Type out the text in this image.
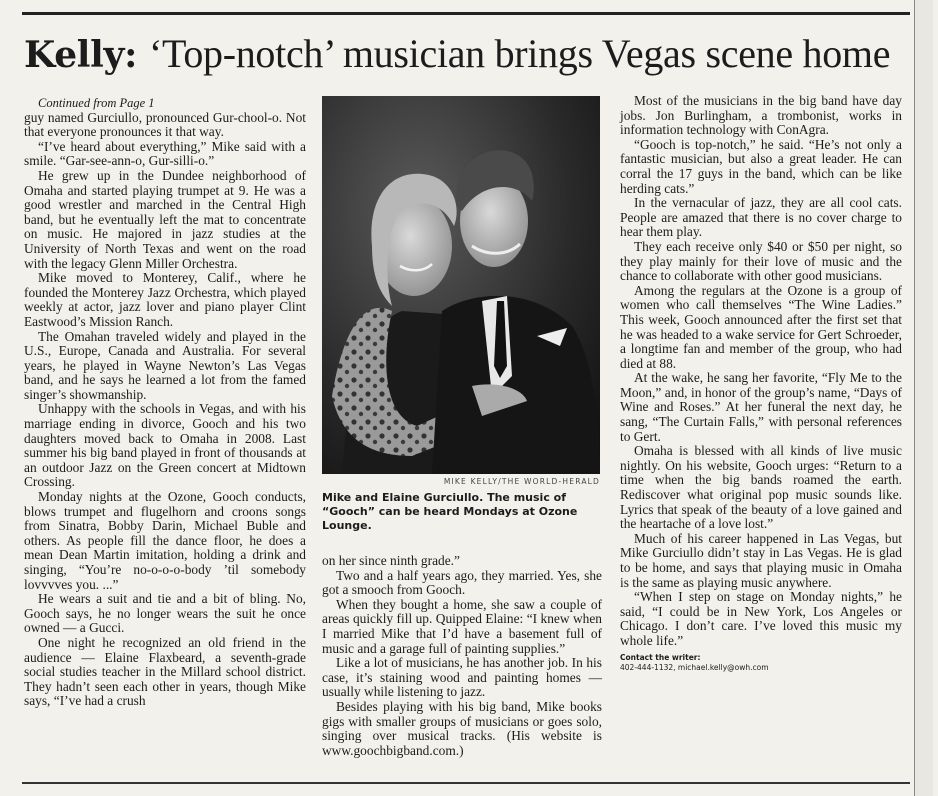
Kelly: ‘Top-notch’ musician brings Vegas scene home

Continued from Page 1

guy named Gurciullo, pronounced Gur-chool-o. Not that everyone pronounces it that way.

“I’ve heard about everything,” Mike said with a smile. “Gar-see-ann-o, Gur-silli-o.”

He grew up in the Dundee neighborhood of Omaha and started playing trumpet at 9. He was a good wrestler and marched in the Central High band, but he eventually left the mat to concentrate on music. He majored in jazz studies at the University of North Texas and went on the road with the legacy Glenn Miller Orchestra.

Mike moved to Monterey, Calif., where he founded the Monterey Jazz Orchestra, which played weekly at actor, jazz lover and piano player Clint Eastwood’s Mission Ranch.

The Omahan traveled widely and played in the U.S., Europe, Canada and Australia. For several years, he played in Wayne Newton’s Las Vegas band, and he says he learned a lot from the famed singer’s showmanship.

Unhappy with the schools in Vegas, and with his marriage ending in divorce, Gooch and his two daughters moved back to Omaha in 2008. Last summer his big band played in front of thousands at an outdoor Jazz on the Green concert at Midtown Crossing.

Monday nights at the Ozone, Gooch conducts, blows trumpet and flugelhorn and croons songs from Sinatra, Bobby Darin, Michael Buble and others. As people fill the dance floor, he does a mean Dean Martin imitation, holding a drink and singing, “You’re no-o-o-o-body ’til somebody lovvvves you. ...”

He wears a suit and tie and a bit of bling. No, Gooch says, he no longer wears the suit he once owned — a Gucci.

One night he recognized an old friend in the audience — Elaine Flaxbeard, a seventh-grade social studies teacher in the Millard school district. They hadn’t seen each other in years, though Mike says, “I’ve had a crush

MIKE KELLY/THE WORLD-HERALD
Mike and Elaine Gurciullo. The music of “Gooch” can be heard Mondays at Ozone Lounge.

on her since ninth grade.”

Two and a half years ago, they married. Yes, she got a smooch from Gooch.

When they bought a home, she saw a couple of areas quickly fill up. Quipped Elaine: “I knew when I married Mike that I’d have a basement full of music and a garage full of painting supplies.”

Like a lot of musicians, he has another job. In his case, it’s staining wood and painting homes — usually while listening to jazz.

Besides playing with his big band, Mike books gigs with smaller groups of musicians or goes solo, singing over musical tracks. (His website is www.goochbigband.com.)

Most of the musicians in the big band have day jobs. Jon Burlingham, a trombonist, works in information technology with ConAgra.

“Gooch is top-notch,” he said. “He’s not only a fantastic musician, but also a great leader. He can corral the 17 guys in the band, which can be like herding cats.”

In the vernacular of jazz, they are all cool cats. People are amazed that there is no cover charge to hear them play.

They each receive only $40 or $50 per night, so they play mainly for their love of music and the chance to collaborate with other good musicians.

Among the regulars at the Ozone is a group of women who call themselves “The Wine Ladies.” This week, Gooch announced after the first set that he was headed to a wake service for Gert Schroeder, a longtime fan and member of the group, who had died at 88.

At the wake, he sang her favorite, “Fly Me to the Moon,” and, in honor of the group’s name, “Days of Wine and Roses.” At her funeral the next day, he sang, “The Curtain Falls,” with personal references to Gert.

Omaha is blessed with all kinds of live music nightly. On his website, Gooch urges: “Return to a time when the big bands roamed the earth. Rediscover what original pop music sounds like. Lyrics that speak of the beauty of a love gained and the heartache of a love lost.”

Much of his career happened in Las Vegas, but Mike Gurciullo didn’t stay in Las Vegas. He is glad to be home, and says that playing music in Omaha is the same as playing music anywhere.

“When I step on stage on Monday nights,” he said, “I could be in New York, Los Angeles or Chicago. I don’t care. I’ve loved this music my whole life.”

Contact the writer:
402-444-1132, michael.kelly@owh.com
